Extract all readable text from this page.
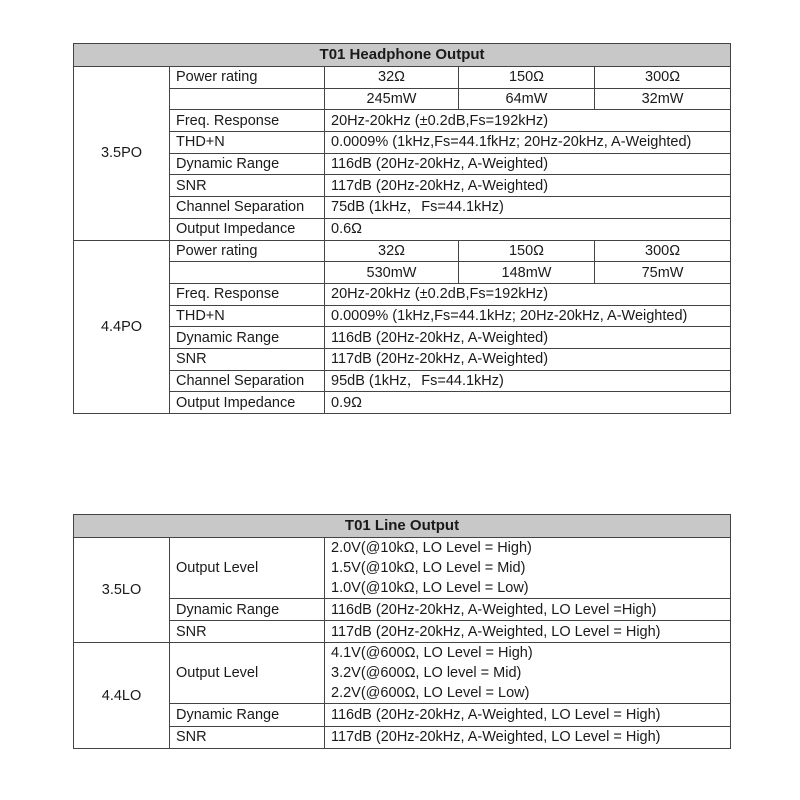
T01 Headphone Output				
3.5PO	Power rating	32Ω	150Ω	300Ω
		245mW	64mW	32mW
	Freq. Response	20Hz-20kHz (±0.2dB,Fs=192kHz)		
	THD+N	0.0009% (1kHz,Fs=44.1fkHz; 20Hz-20kHz, A-Weighted)		
	Dynamic Range	116dB (20Hz-20kHz, A-Weighted)		
	SNR	117dB (20Hz-20kHz, A-Weighted)		
	Channel Separation	75dB (1kHz，Fs=44.1kHz)		
	Output Impedance	0.6Ω		
4.4PO	Power rating	32Ω	150Ω	300Ω
		530mW	148mW	75mW
	Freq. Response	20Hz-20kHz (±0.2dB,Fs=192kHz)		
	THD+N	0.0009% (1kHz,Fs=44.1kHz; 20Hz-20kHz, A-Weighted)		
	Dynamic Range	116dB (20Hz-20kHz, A-Weighted)		
	SNR	117dB (20Hz-20kHz, A-Weighted)		
	Channel Separation	95dB (1kHz，Fs=44.1kHz)		
	Output Impedance	0.9Ω		
T01 Line Output		
3.5LO	Output Level	2.0V(@10kΩ, LO Level = High)
1.5V(@10kΩ, LO Level = Mid)
1.0V(@10kΩ, LO Level = Low)

	Dynamic Range	116dB (20Hz-20kHz, A-Weighted, LO Level =High)
	SNR	117dB (20Hz-20kHz, A-Weighted, LO Level = High)
4.4LO	Output Level	4.1V(@600Ω, LO Level = High)
3.2V(@600Ω, LO level = Mid)
2.2V(@600Ω, LO Level = Low)

	Dynamic Range	116dB (20Hz-20kHz, A-Weighted, LO Level = High)
	SNR	117dB (20Hz-20kHz, A-Weighted, LO Level = High)
